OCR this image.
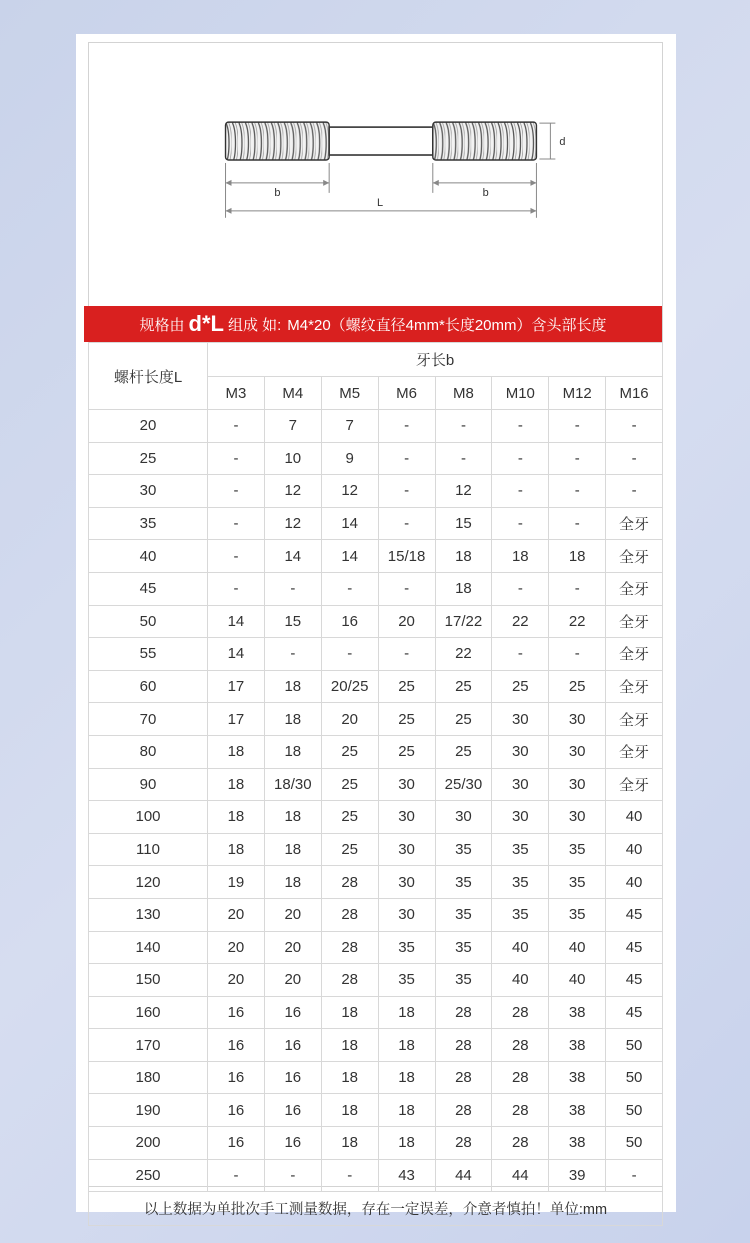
d
b	b
L
规格由 d*L 组成 如: M4*20（螺纹直径4mm*长度20mm）含头部长度
螺杆长度L	牙长b							
	M3	M4	M5	M6	M8	M10	M12	M16
20	-	7	7	-	-	-	-	-
25	-	10	9	-	-	-	-	-
30	-	12	12	-	12	-	-	-
35	-	12	14	-	15	-	-	全牙
40	-	14	14	15/18	18	18	18	全牙
45	-	-	-	-	18	-	-	全牙
50	14	15	16	20	17/22	22	22	全牙
55	14	-	-	-	22	-	-	全牙
60	17	18	20/25	25	25	25	25	全牙
70	17	18	20	25	25	30	30	全牙
80	18	18	25	25	25	30	30	全牙
90	18	18/30	25	30	25/30	30	30	全牙
100	18	18	25	30	30	30	30	40
110	18	18	25	30	35	35	35	40
120	19	18	28	30	35	35	35	40
130	20	20	28	30	35	35	35	45
140	20	20	28	35	35	40	40	45
150	20	20	28	35	35	40	40	45
160	16	16	18	18	28	28	38	45
170	16	16	18	18	28	28	38	50
180	16	16	18	18	28	28	38	50
190	16	16	18	18	28	28	38	50
200	16	16	18	18	28	28	38	50
250	-	-	-	43	44	44	39	-
以上数据为单批次手工测量数据，存在一定误差，介意者慎拍！单位:mm								
